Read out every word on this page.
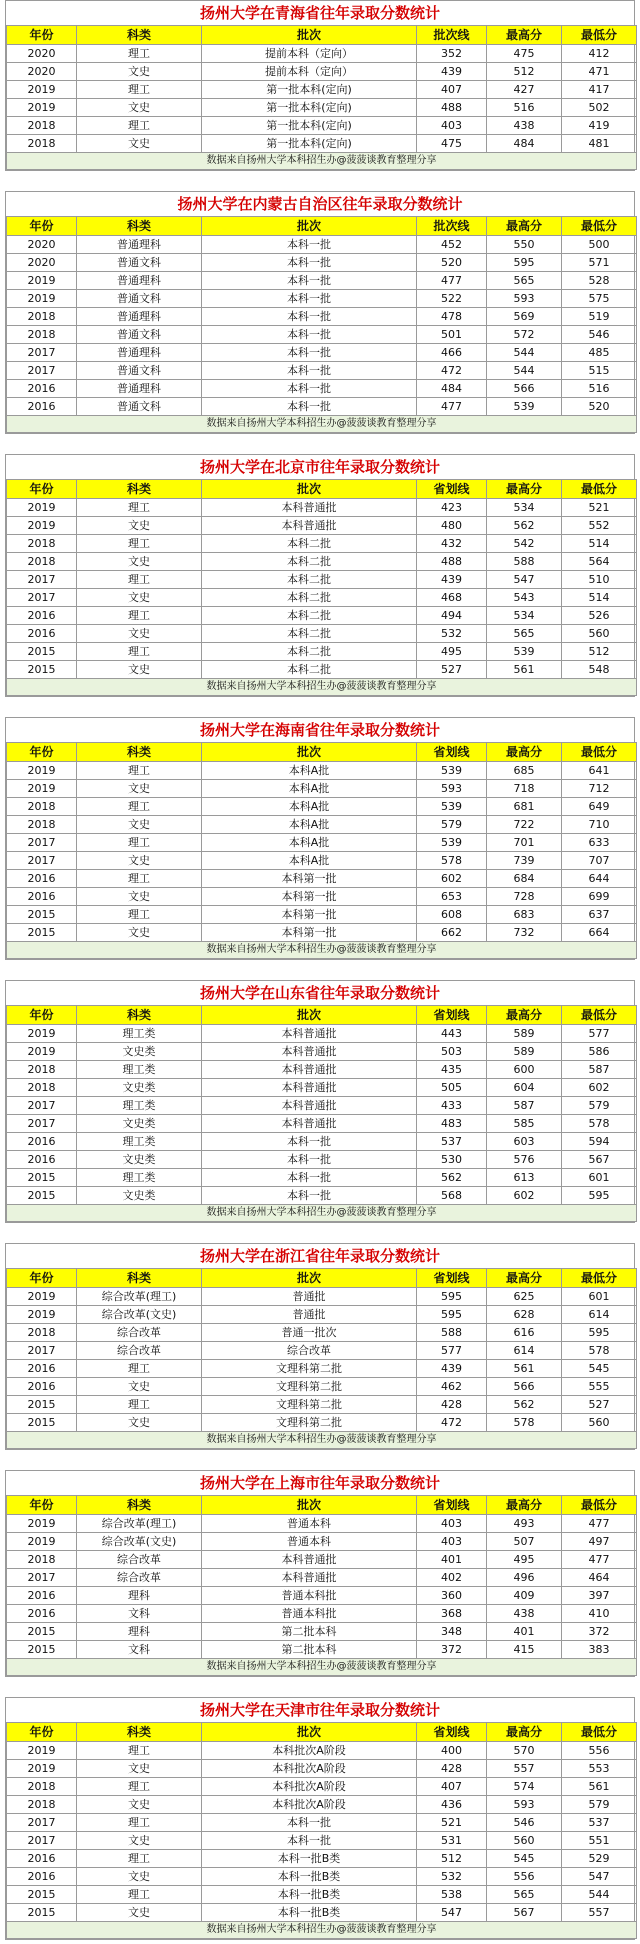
扬州大学在青海省往年录取分数统计
年份	科类	批次	批次线	最高分	最低分
2020	理工	提前本科（定向）	352	475	412
2020	文史	提前本科（定向）	439	512	471
2019	理工	第一批本科(定向)	407	427	417
2019	文史	第一批本科(定向)	488	516	502
2018	理工	第一批本科(定向)	403	438	419
2018	文史	第一批本科(定向)	475	484	481
数据来自扬州大学本科招生办@菠菠谈教育整理分享					
扬州大学在内蒙古自治区往年录取分数统计
年份	科类	批次	批次线	最高分	最低分
2020	普通理科	本科一批	452	550	500
2020	普通文科	本科一批	520	595	571
2019	普通理科	本科一批	477	565	528
2019	普通文科	本科一批	522	593	575
2018	普通理科	本科一批	478	569	519
2018	普通文科	本科一批	501	572	546
2017	普通理科	本科一批	466	544	485
2017	普通文科	本科一批	472	544	515
2016	普通理科	本科一批	484	566	516
2016	普通文科	本科一批	477	539	520
数据来自扬州大学本科招生办@菠菠谈教育整理分享					
扬州大学在北京市往年录取分数统计
年份	科类	批次	省划线	最高分	最低分
2019	理工	本科普通批	423	534	521
2019	文史	本科普通批	480	562	552
2018	理工	本科二批	432	542	514
2018	文史	本科二批	488	588	564
2017	理工	本科二批	439	547	510
2017	文史	本科二批	468	543	514
2016	理工	本科二批	494	534	526
2016	文史	本科二批	532	565	560
2015	理工	本科二批	495	539	512
2015	文史	本科二批	527	561	548
数据来自扬州大学本科招生办@菠菠谈教育整理分享					
扬州大学在海南省往年录取分数统计
年份	科类	批次	省划线	最高分	最低分
2019	理工	本科A批	539	685	641
2019	文史	本科A批	593	718	712
2018	理工	本科A批	539	681	649
2018	文史	本科A批	579	722	710
2017	理工	本科A批	539	701	633
2017	文史	本科A批	578	739	707
2016	理工	本科第一批	602	684	644
2016	文史	本科第一批	653	728	699
2015	理工	本科第一批	608	683	637
2015	文史	本科第一批	662	732	664
数据来自扬州大学本科招生办@菠菠谈教育整理分享					
扬州大学在山东省往年录取分数统计
年份	科类	批次	省划线	最高分	最低分
2019	理工类	本科普通批	443	589	577
2019	文史类	本科普通批	503	589	586
2018	理工类	本科普通批	435	600	587
2018	文史类	本科普通批	505	604	602
2017	理工类	本科普通批	433	587	579
2017	文史类	本科普通批	483	585	578
2016	理工类	本科一批	537	603	594
2016	文史类	本科一批	530	576	567
2015	理工类	本科一批	562	613	601
2015	文史类	本科一批	568	602	595
数据来自扬州大学本科招生办@菠菠谈教育整理分享					
扬州大学在浙江省往年录取分数统计
年份	科类	批次	省划线	最高分	最低分
2019	综合改革(理工)	普通批	595	625	601
2019	综合改革(文史)	普通批	595	628	614
2018	综合改革	普通一批次	588	616	595
2017	综合改革	综合改革	577	614	578
2016	理工	文理科第二批	439	561	545
2016	文史	文理科第二批	462	566	555
2015	理工	文理科第二批	428	562	527
2015	文史	文理科第二批	472	578	560
数据来自扬州大学本科招生办@菠菠谈教育整理分享					
扬州大学在上海市往年录取分数统计
年份	科类	批次	省划线	最高分	最低分
2019	综合改革(理工)	普通本科	403	493	477
2019	综合改革(文史)	普通本科	403	507	497
2018	综合改革	本科普通批	401	495	477
2017	综合改革	本科普通批	402	496	464
2016	理科	普通本科批	360	409	397
2016	文科	普通本科批	368	438	410
2015	理科	第二批本科	348	401	372
2015	文科	第二批本科	372	415	383
数据来自扬州大学本科招生办@菠菠谈教育整理分享					
扬州大学在天津市往年录取分数统计
年份	科类	批次	省划线	最高分	最低分
2019	理工	本科批次A阶段	400	570	556
2019	文史	本科批次A阶段	428	557	553
2018	理工	本科批次A阶段	407	574	561
2018	文史	本科批次A阶段	436	593	579
2017	理工	本科一批	521	546	537
2017	文史	本科一批	531	560	551
2016	理工	本科一批B类	512	545	529
2016	文史	本科一批B类	532	556	547
2015	理工	本科一批B类	538	565	544
2015	文史	本科一批B类	547	567	557
数据来自扬州大学本科招生办@菠菠谈教育整理分享					
